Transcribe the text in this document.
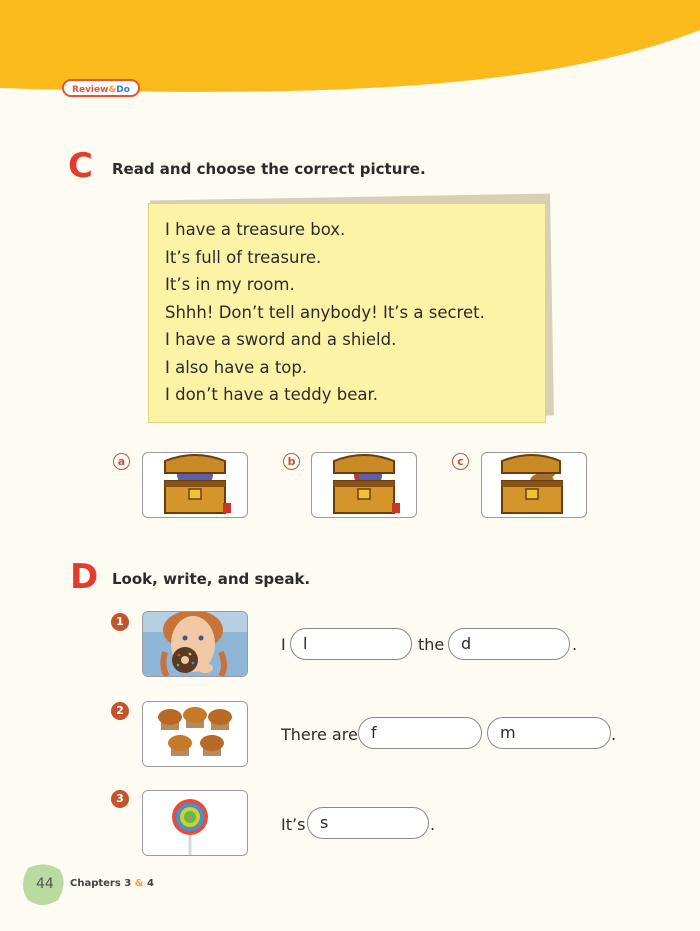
Review&Do
C Read and choose the correct picture.
I have a treasure box.
It’s full of treasure.
It’s in my room.
Shhh! Don’t tell anybody! It’s a secret.
I have a sword and a shield.
I also have a top.
I don’t have a teddy bear.
a	b	c
D Look, write, and speak.
1
I	l	the	d	.
2
There are f	m	.
3
It’s s	.
44 Chapters 3 & 4
